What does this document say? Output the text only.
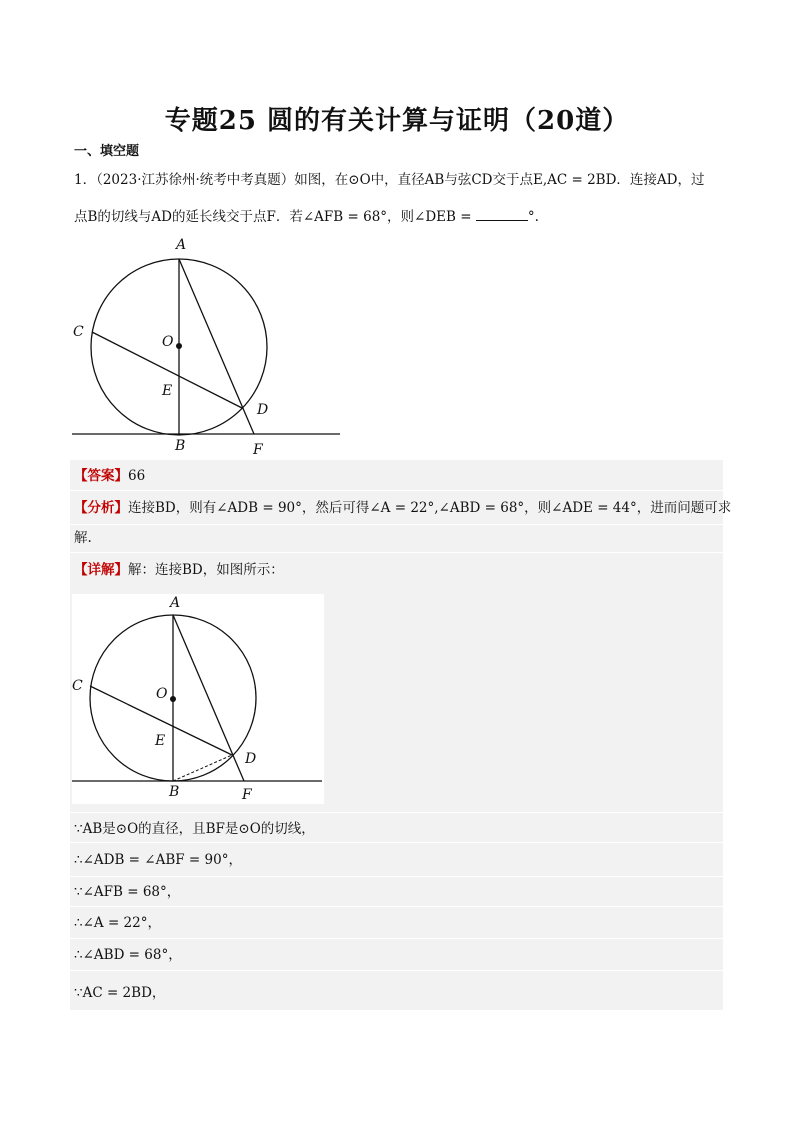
专题25 圆的有关计算与证明（20道）
一、填空题
1．（2023·江苏徐州·统考中考真题）如图，在⊙O中，直径AB与弦CD交于点E,AC = 2BD．连接AD，过
点B的切线与AD的延长线交于点F．若∠AFB = 68°，则∠DEB =	°.
A
C
O
E
D
B	F
【答案】66
【分析】连接BD，则有∠ADB = 90°，然后可得∠A = 22°,∠ABD = 68°，则∠ADE = 44°，进而问题可求
解.
【详解】解：连接BD，如图所示：
A
C	O
E
D
B	F
∵AB是⊙O的直径，且BF是⊙O的切线，
∴∠ADB = ∠ABF = 90°，
∵∠AFB = 68°，
∴∠A = 22°，
∴∠ABD = 68°，
∵AC = 2BD，
